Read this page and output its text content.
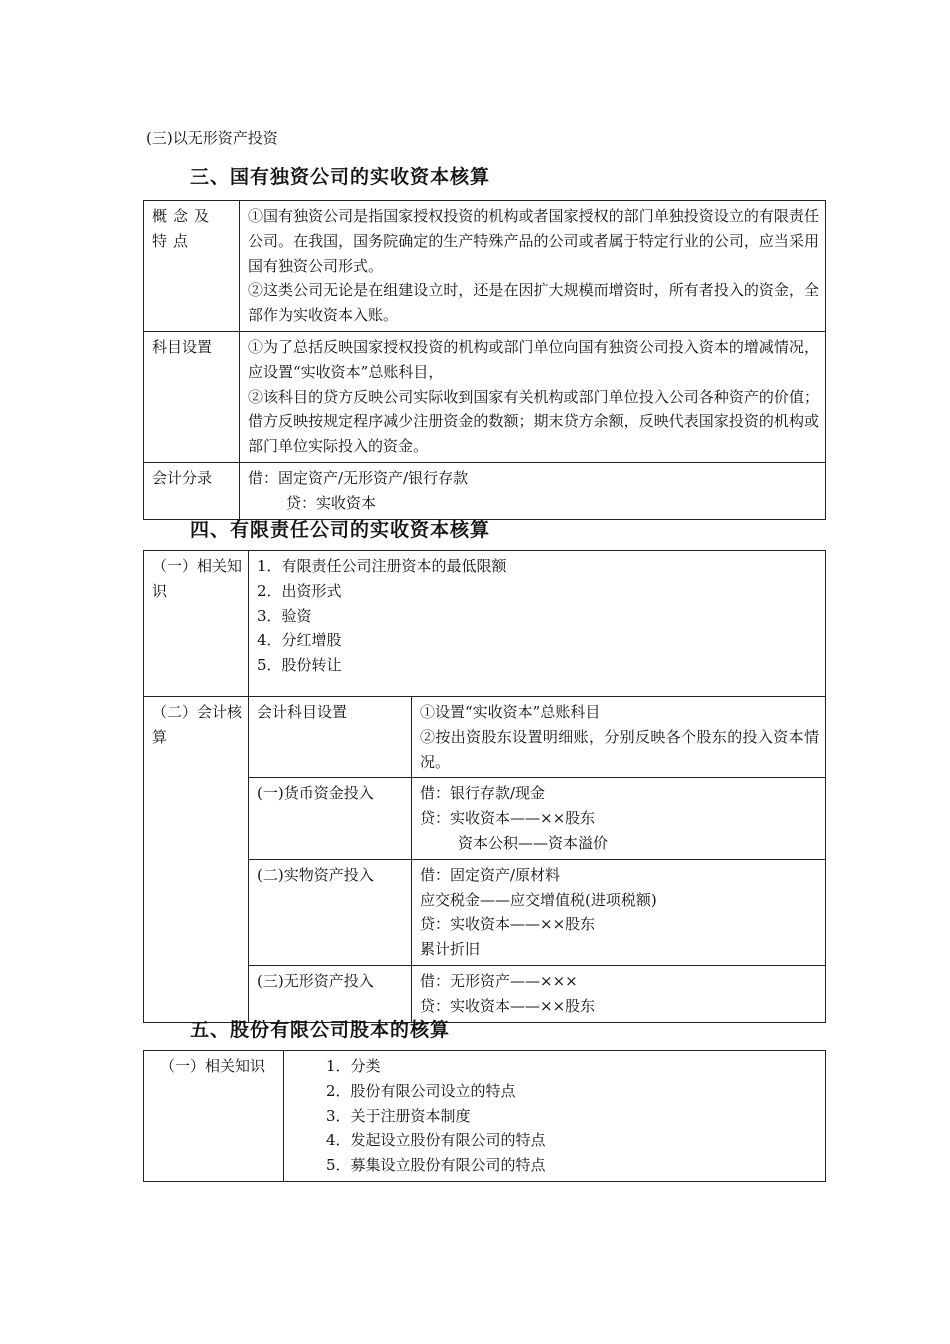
(三)以无形资产投资
三、国有独资公司的实收资本核算
概念及特点	①国有独资公司是指国家授权投资的机构或者国家授权的部门单独投资设立的有限责任公司。在我国，国务院确定的生产特殊产品的公司或者属于特定行业的公司，应当采用国有独资公司形式。
②这类公司无论是在组建设立时，还是在因扩大规模而增资时，所有者投入的资金，全部作为实收资本入账。

科目设置	①为了总括反映国家授权投资的机构或部门单位向国有独资公司投入资本的增减情况，应设置“实收资本”总账科目，
②该科目的贷方反映公司实际收到国家有关机构或部门单位投入公司各种资产的价值；借方反映按规定程序减少注册资金的数额；期末贷方余额，反映代表国家投资的机构或部门单位实际投入的资金。

会计分录	借：固定资产/无形资产/银行存款
贷：实收资本
四、有限责任公司的实收资本核算
（一）相关知识	1．有限责任公司注册资本的最低限额
2．出资形式
3．验资
4．分红增股
5．股份转让	

（二）会计核算	会计科目设置	①设置“实收资本”总账科目
②按出资股东设置明细账，分别反映各个股东的投入资本情况。

	(一)货币资金投入	借：银行存款/现金
贷：实收资本——××股东
资本公积——资本溢价

	(二)实物资产投入	借：固定资产/原材料
应交税金——应交增值税(进项税额)
贷：实收资本——××股东
累计折旧

	(三)无形资产投入	借：无形资产——×××
贷：实收资本——××股东
五、股份有限公司股本的核算
（一）相关知识	1．分类
2．股份有限公司设立的特点
3．关于注册资本制度
4．发起设立股份有限公司的特点
5．募集设立股份有限公司的特点
